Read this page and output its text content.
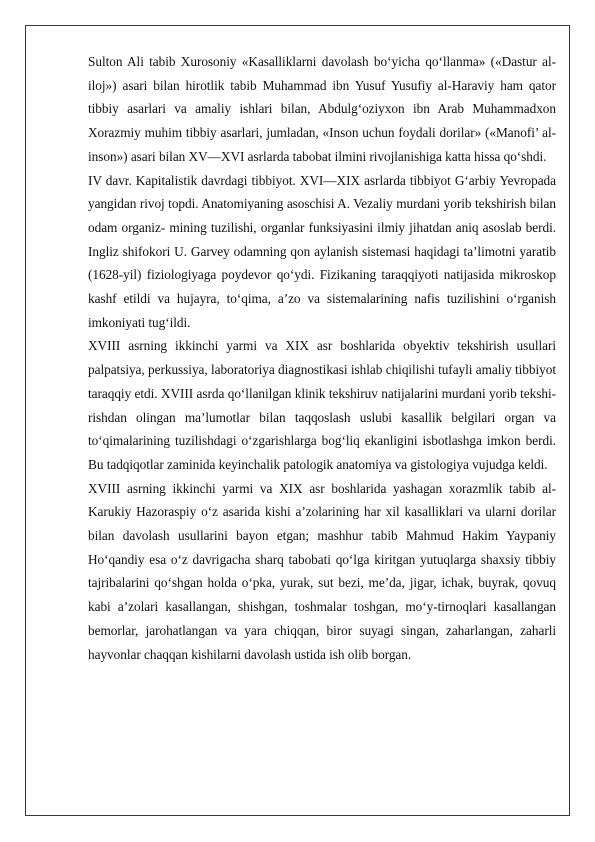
Sulton Ali tabib Xurosoniy «Kasalliklarni davolash bo‘yicha qo‘llanma» («Dastur al-iloj») asari bilan hirotlik tabib Muhammad ibn Yusuf Yusufiy al-Haraviy ham qator tibbiy asarlari va amaliy ishlari bilan, Abdulg‘oziyxon ibn Arab Muhammadxon Xorazmiy muhim tibbiy asarlari, jumladan, «Inson uchun foydali dorilar» («Manofi’ al-inson») asari bilan XV—XVI asrlarda tabobat ilmini rivojlanishiga katta hissa qo‘shdi.

IV davr. Kapitalistik davrdagi tibbiyot. XVI—XIX asrlarda tibbiyot G‘arbiy Yevropada yangidan rivoj topdi. Anatomiyaning asoschisi A. Vezaliy murdani yorib tekshirish bilan odam organiz- mining tuzilishi, organlar funksiyasini ilmiy jihatdan aniq asoslab berdi. Ingliz shifokori U. Garvey odamning qon aylanish sistemasi haqidagi ta’limotni yaratib (1628-yil) fiziologiyaga poydevor qo‘ydi. Fizikaning taraqqiyoti natijasida mikroskop kashf etildi va hujayra, to‘qima, a’zo va sistemalarining nafis tuzilishini o‘rganish imkoniyati tug‘ildi.

XVIII asrning ikkinchi yarmi va XIX asr boshlarida obyektiv tekshirish usullari palpatsiya, perkussiya, laboratoriya diagnostikasi ishlab chiqilishi tufayli amaliy tibbiyot taraqqiy etdi. XVIII asrda qo‘llanilgan klinik tekshiruv natijalarini murdani yorib tekshi- rishdan olingan ma’lumotlar bilan taqqoslash uslubi kasallik belgilari organ va to‘qimalarining tuzilishdagi o‘zgarishlarga bog‘liq ekanligini isbotlashga imkon berdi. Bu tadqiqotlar zaminida keyinchalik patologik anatomiya va gistologiya vujudga keldi.

XVIII asrning ikkinchi yarmi va XIX asr boshlarida yashagan xorazmlik tabib al-Karukiy Hazoraspiy o‘z asarida kishi a’zolarining har xil kasalliklari va ularni dorilar bilan davolash usullarini bayon etgan; mashhur tabib Mahmud Hakim Yaypaniy Ho‘qandiy esa o‘z davrigacha sharq tabobati qo‘lga kiritgan yutuqlarga shaxsiy tibbiy tajribalarini qo‘shgan holda o‘pka, yurak, sut bezi, me’da, jigar, ichak, buyrak, qovuq kabi a’zolari kasallangan, shishgan, toshmalar toshgan, mo‘y-tirnoqlari kasallangan bemorlar, jarohatlangan va yara chiqqan, biror suyagi singan, zaharlangan, zaharli hayvonlar chaqqan kishilarni davolash ustida ish olib borgan.
